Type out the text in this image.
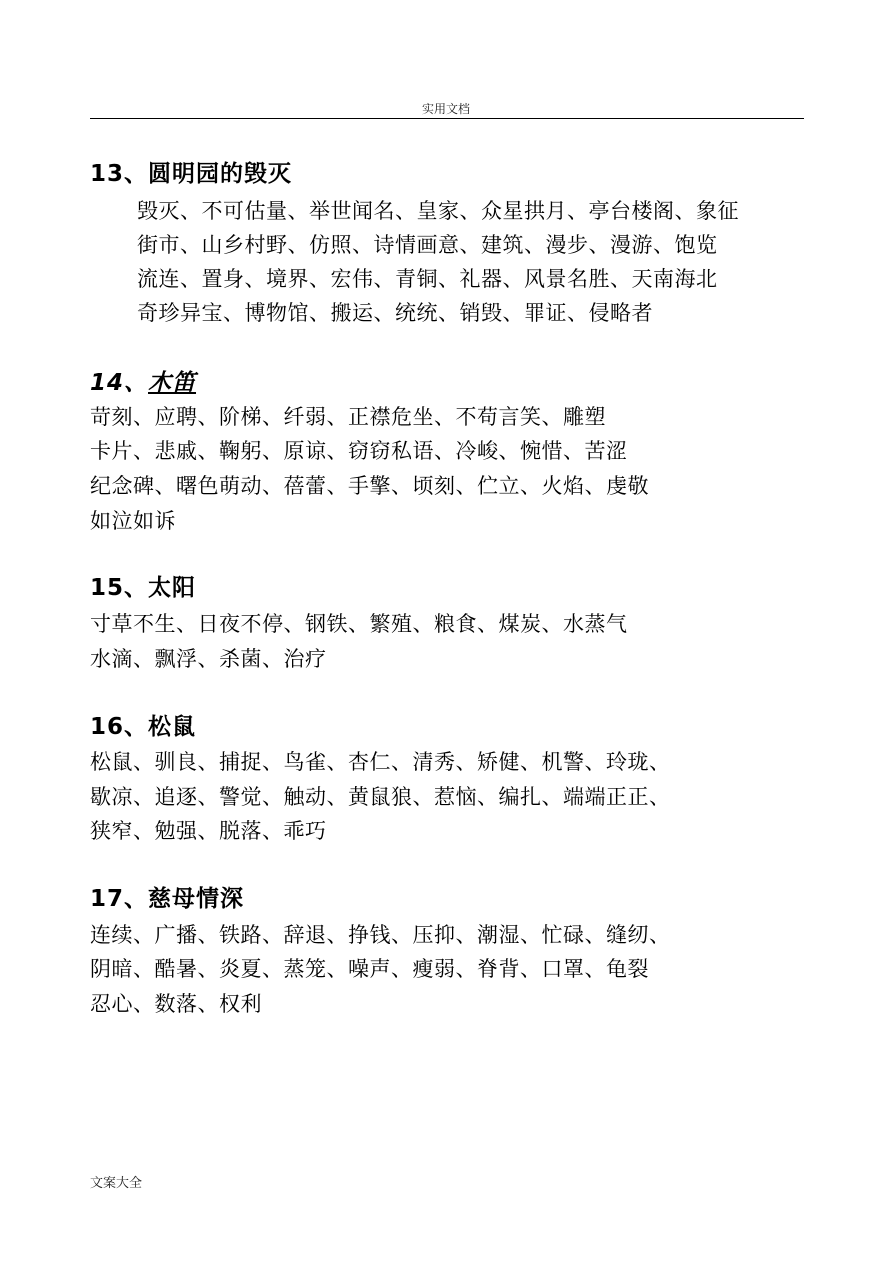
实用文档
13、圆明园的毁灭
毁灭、不可估量、举世闻名、皇家、众星拱月、亭台楼阁、象征
街市、山乡村野、仿照、诗情画意、建筑、漫步、漫游、饱览
流连、置身、境界、宏伟、青铜、礼器、风景名胜、天南海北
奇珍异宝、博物馆、搬运、统统、销毁、罪证、侵略者
14、木笛
苛刻、应聘、阶梯、纤弱、正襟危坐、不苟言笑、雕塑
卡片、悲戚、鞠躬、原谅、窃窃私语、冷峻、惋惜、苦涩
纪念碑、曙色萌动、蓓蕾、手擎、顷刻、伫立、火焰、虔敬
如泣如诉
15、太阳
寸草不生、日夜不停、钢铁、繁殖、粮食、煤炭、水蒸气
水滴、飘浮、杀菌、治疗
16、松鼠
松鼠、驯良、捕捉、鸟雀、杏仁、清秀、矫健、机警、玲珑、
歇凉、追逐、警觉、触动、黄鼠狼、惹恼、编扎、端端正正、
狭窄、勉强、脱落、乖巧
17、慈母情深
连续、广播、铁路、辞退、挣钱、压抑、潮湿、忙碌、缝纫、
阴暗、酷暑、炎夏、蒸笼、噪声、瘦弱、脊背、口罩、龟裂
忍心、数落、权利
文案大全
